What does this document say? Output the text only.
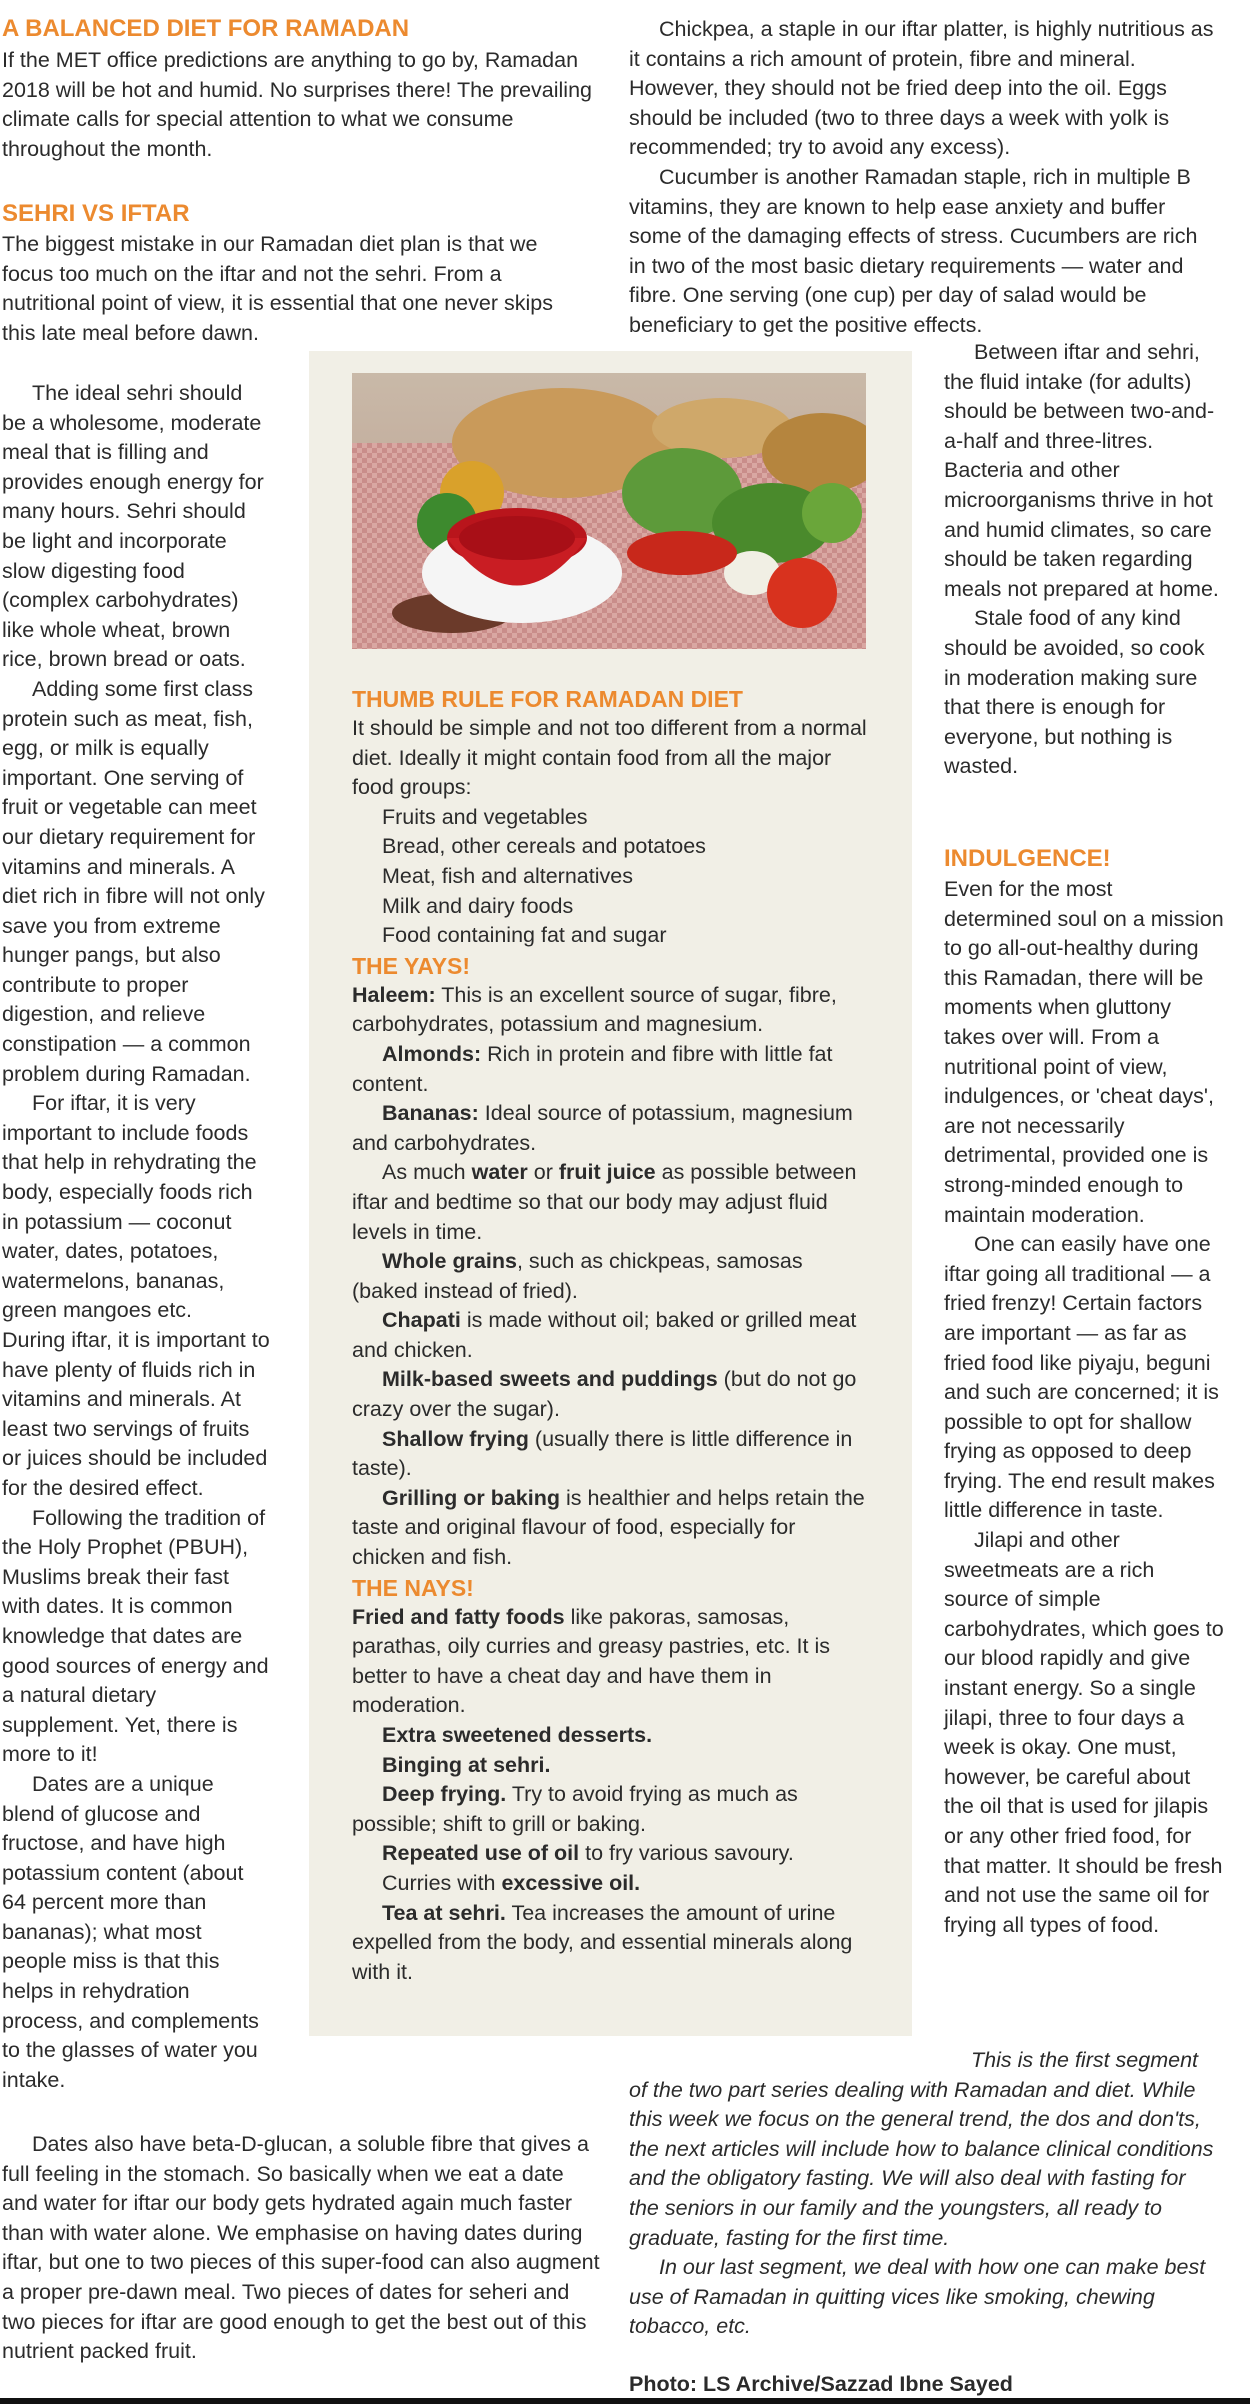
A BALANCED DIET FOR RAMADAN

If the MET office predictions are anything to go by, Ramadan 2018 will be hot and humid. No surprises there! The prevailing climate calls for special attention to what we consume throughout the month.

SEHRI VS IFTAR

The biggest mistake in our Ramadan diet plan is that we focus too much on the iftar and not the sehri. From a nutritional point of view, it is essential that one never skips this late meal before dawn.

The ideal sehri should be a wholesome, moderate meal that is filling and provides enough energy for many hours. Sehri should be light and incorporate slow digesting food (complex carbohydrates) like whole wheat, brown rice, brown bread or oats.

Adding some first class protein such as meat, fish, egg, or milk is equally important. One serving of fruit or vegetable can meet our dietary requirement for vitamins and minerals. A diet rich in fibre will not only save you from extreme hunger pangs, but also contribute to proper digestion, and relieve constipation — a common problem during Ramadan.

For iftar, it is very important to include foods that help in rehydrating the body, especially foods rich in potassium — coconut water, dates, potatoes, watermelons, bananas, green mangoes etc.

During iftar, it is important to have plenty of fluids rich in vitamins and minerals. At least two servings of fruits or juices should be included for the desired effect.

Following the tradition of the Holy Prophet (PBUH), Muslims break their fast with dates. It is common knowledge that dates are good sources of energy and a natural dietary supplement. Yet, there is more to it!

Dates are a unique blend of glucose and fructose, and have high potassium content (about 64 percent more than bananas); what most people miss is that this helps in rehydration process, and complements to the glasses of water you intake.

Dates also have beta-D-glucan, a soluble fibre that gives a full feeling in the stomach. So basically when we eat a date and water for iftar our body gets hydrated again much faster than with water alone. We emphasise on having dates during iftar, but one to two pieces of this super-food can also augment a proper pre-dawn meal. Two pieces of dates for seheri and two pieces for iftar are good enough to get the best out of this nutrient packed fruit.

Chickpea, a staple in our iftar platter, is highly nutritious as it contains a rich amount of protein, fibre and mineral. However, they should not be fried deep into the oil. Eggs should be included (two to three days a week with yolk is recommended; try to avoid any excess).

Cucumber is another Ramadan staple, rich in multiple B vitamins, they are known to help ease anxiety and buffer some of the damaging effects of stress. Cucumbers are rich in two of the most basic dietary requirements — water and fibre. One serving (one cup) per day of salad would be beneficiary to get the positive effects.

Between iftar and sehri, the fluid intake (for adults) should be between two-and-a-half and three-litres. Bacteria and other microorganisms thrive in hot and humid climates, so care should be taken regarding meals not prepared at home.

Stale food of any kind should be avoided, so cook in moderation making sure that there is enough for everyone, but nothing is wasted.

INDULGENCE!

Even for the most determined soul on a mission to go all-out-healthy during this Ramadan, there will be moments when gluttony takes over will. From a nutritional point of view, indulgences, or 'cheat days', are not necessarily detrimental, provided one is strong-minded enough to maintain moderation.

One can easily have one iftar going all traditional — a fried frenzy! Certain factors are important — as far as fried food like piyaju, beguni and such are concerned; it is possible to opt for shallow frying as opposed to deep frying. The end result makes little difference in taste.

Jilapi and other sweetmeats are a rich source of simple carbohydrates, which goes to our blood rapidly and give instant energy. So a single jilapi, three to four days a week is okay. One must, however, be careful about the oil that is used for jilapis or any other fried food, for that matter. It should be fresh and not use the same oil for frying all types of food.

THUMB RULE FOR RAMADAN DIET

It should be simple and not too different from a normal diet. Ideally it might contain food from all the major food groups:

Fruits and vegetables
Bread, other cereals and potatoes
Meat, fish and alternatives
Milk and dairy foods
Food containing fat and sugar
THE YAYS!

Haleem: This is an excellent source of sugar, fibre, carbohydrates, potassium and magnesium.

Almonds: Rich in protein and fibre with little fat content.

Bananas: Ideal source of potassium, magnesium and carbohydrates.

As much water or fruit juice as possible between iftar and bedtime so that our body may adjust fluid levels in time.

Whole grains, such as chickpeas, samosas (baked instead of fried).

Chapati is made without oil; baked or grilled meat and chicken.

Milk-based sweets and puddings (but do not go crazy over the sugar).

Shallow frying (usually there is little difference in taste).

Grilling or baking is healthier and helps retain the taste and original flavour of food, especially for chicken and fish.

THE NAYS!

Fried and fatty foods like pakoras, samosas, parathas, oily curries and greasy pastries, etc. It is better to have a cheat day and have them in moderation.

Extra sweetened desserts.

Binging at sehri.

Deep frying. Try to avoid frying as much as possible; shift to grill or baking.

Repeated use of oil to fry various savoury.

Curries with excessive oil.

Tea at sehri. Tea increases the amount of urine expelled from the body, and essential minerals along with it.

This is the first segment of the two part series dealing with Ramadan and diet. While this week we focus on the general trend, the dos and don'ts, the next articles will include how to balance clinical conditions and the obligatory fasting. We will also deal with fasting for the seniors in our family and the youngsters, all ready to graduate, fasting for the first time.

In our last segment, we deal with how one can make best use of Ramadan in quitting vices like smoking, chewing tobacco, etc.

Photo: LS Archive/Sazzad Ibne Sayed
